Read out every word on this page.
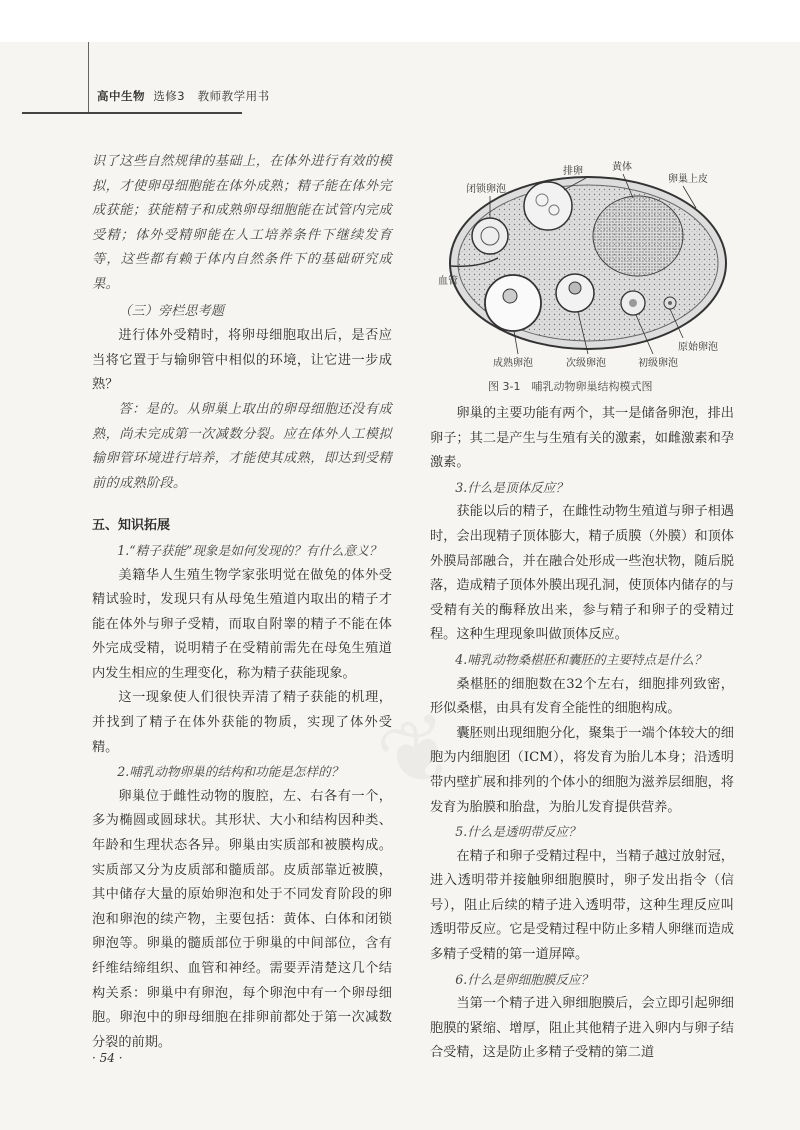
高中生物 选修3 教师教学用书

识了这些自然规律的基础上，在体外进行有效的模拟，才使卵母细胞能在体外成熟；精子能在体外完成获能；获能精子和成熟卵母细胞能在试管内完成受精；体外受精卵能在人工培养条件下继续发育等，这些都有赖于体内自然条件下的基础研究成果。

（三）旁栏思考题

进行体外受精时，将卵母细胞取出后，是否应当将它置于与输卵管中相似的环境，让它进一步成熟？

答：是的。从卵巢上取出的卵母细胞还没有成熟，尚未完成第一次减数分裂。应在体外人工模拟输卵管环境进行培养，才能使其成熟，即达到受精前的成熟阶段。

五、知识拓展

1.“精子获能”现象是如何发现的？有什么意义？

美籍华人生殖生物学家张明觉在做兔的体外受精试验时，发现只有从母兔生殖道内取出的精子才能在体外与卵子受精，而取自附睾的精子不能在体外完成受精，说明精子在受精前需先在母兔生殖道内发生相应的生理变化，称为精子获能现象。

这一现象使人们很快弄清了精子获能的机理，并找到了精子在体外获能的物质，实现了体外受精。

2.哺乳动物卵巢的结构和功能是怎样的？

卵巢位于雌性动物的腹腔，左、右各有一个，多为椭圆或圆球状。其形状、大小和结构因种类、年龄和生理状态各异。卵巢由实质部和被膜构成。实质部又分为皮质部和髓质部。皮质部靠近被膜，其中储存大量的原始卵泡和处于不同发育阶段的卵泡和卵泡的续产物，主要包括：黄体、白体和闭锁卵泡等。卵巢的髓质部位于卵巢的中间部位，含有纤维结缔组织、血管和神经。需要弄清楚这几个结构关系：卵巢中有卵泡，每个卵泡中有一个卵母细胞。卵泡中的卵母细胞在排卵前都处于第一次减数分裂的前期。

闭锁卵泡
排卵	黄体
卵巢上皮
血管
原始卵泡
成熟卵泡	次级卵泡	初级卵泡
图 3-1　哺乳动物卵巢结构模式图

卵巢的主要功能有两个，其一是储备卵泡，排出卵子；其二是产生与生殖有关的激素，如雌激素和孕激素。

3.什么是顶体反应？

获能以后的精子，在雌性动物生殖道与卵子相遇时，会出现精子顶体膨大，精子质膜（外膜）和顶体外膜局部融合，并在融合处形成一些泡状物，随后脱落，造成精子顶体外膜出现孔洞，使顶体内储存的与受精有关的酶释放出来，参与精子和卵子的受精过程。这种生理现象叫做顶体反应。

4.哺乳动物桑椹胚和囊胚的主要特点是什么？

桑椹胚的细胞数在32个左右，细胞排列致密，形似桑椹，由具有发育全能性的细胞构成。

囊胚则出现细胞分化，聚集于一端个体较大的细胞为内细胞团（ICM），将发育为胎儿本身；沿透明带内壁扩展和排列的个体小的细胞为滋养层细胞，将发育为胎膜和胎盘，为胎儿发育提供营养。

5.什么是透明带反应？

在精子和卵子受精过程中，当精子越过放射冠，进入透明带并接触卵细胞膜时，卵子发出指令（信号），阻止后续的精子进入透明带，这种生理反应叫透明带反应。它是受精过程中防止多精人卵继而造成多精子受精的第一道屏障。

6.什么是卵细胞膜反应？

当第一个精子进入卵细胞膜后，会立即引起卵细胞膜的紧缩、增厚，阻止其他精子进入卵内与卵子结合受精，这是防止多精子受精的第二道

· 54 ·
